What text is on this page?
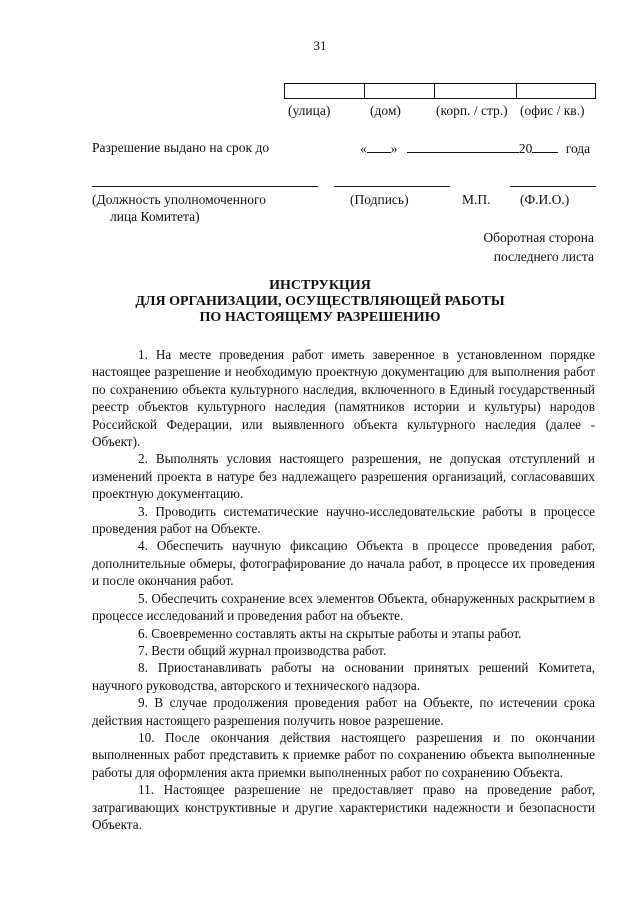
31
(улица)	(дом)	(корп. / стр.) (офис / кв.)
Разрешение выдано на срок до	« »	20 года
(Должность уполномоченного
лица Комитета)
(Подпись)	М.П. (Ф.И.О.)
Оборотная сторона
последнего листа
ИНСТРУКЦИЯ
ДЛЯ ОРГАНИЗАЦИИ, ОСУЩЕСТВЛЯЮЩЕЙ РАБОТЫ
ПО НАСТОЯЩЕМУ РАЗРЕШЕНИЮ

1. На месте проведения работ иметь заверенное в установленном порядке настоящее разрешение и необходимую проектную документацию для выполнения работ по сохранению объекта культурного наследия, включенного в Единый государственный реестр объектов культурного наследия (памятников истории и культуры) народов Российской Федерации, или выявленного объекта культурного наследия (далее - Объект).

2. Выполнять условия настоящего разрешения, не допуская отступлений и изменений проекта в натуре без надлежащего разрешения организаций, согласовавших проектную документацию.

3. Проводить систематические научно-исследовательские работы в процессе проведения работ на Объекте.

4. Обеспечить научную фиксацию Объекта в процессе проведения работ, дополнительные обмеры, фотографирование до начала работ, в процессе их проведения и после окончания работ.

5. Обеспечить сохранение всех элементов Объекта, обнаруженных раскрытием в процессе исследований и проведения работ на объекте.

6. Своевременно составлять акты на скрытые работы и этапы работ.

7. Вести общий журнал производства работ.

8. Приостанавливать работы на основании принятых решений Комитета, научного руководства, авторского и технического надзора.

9. В случае продолжения проведения работ на Объекте, по истечении срока действия настоящего разрешения получить новое разрешение.

10. После окончания действия настоящего разрешения и по окончании выполненных работ представить к приемке работ по сохранению объекта выполненные работы для оформления акта приемки выполненных работ по сохранению Объекта.

11. Настоящее разрешение не предоставляет право на проведение работ, затрагивающих конструктивные и другие характеристики надежности и безопасности Объекта.
